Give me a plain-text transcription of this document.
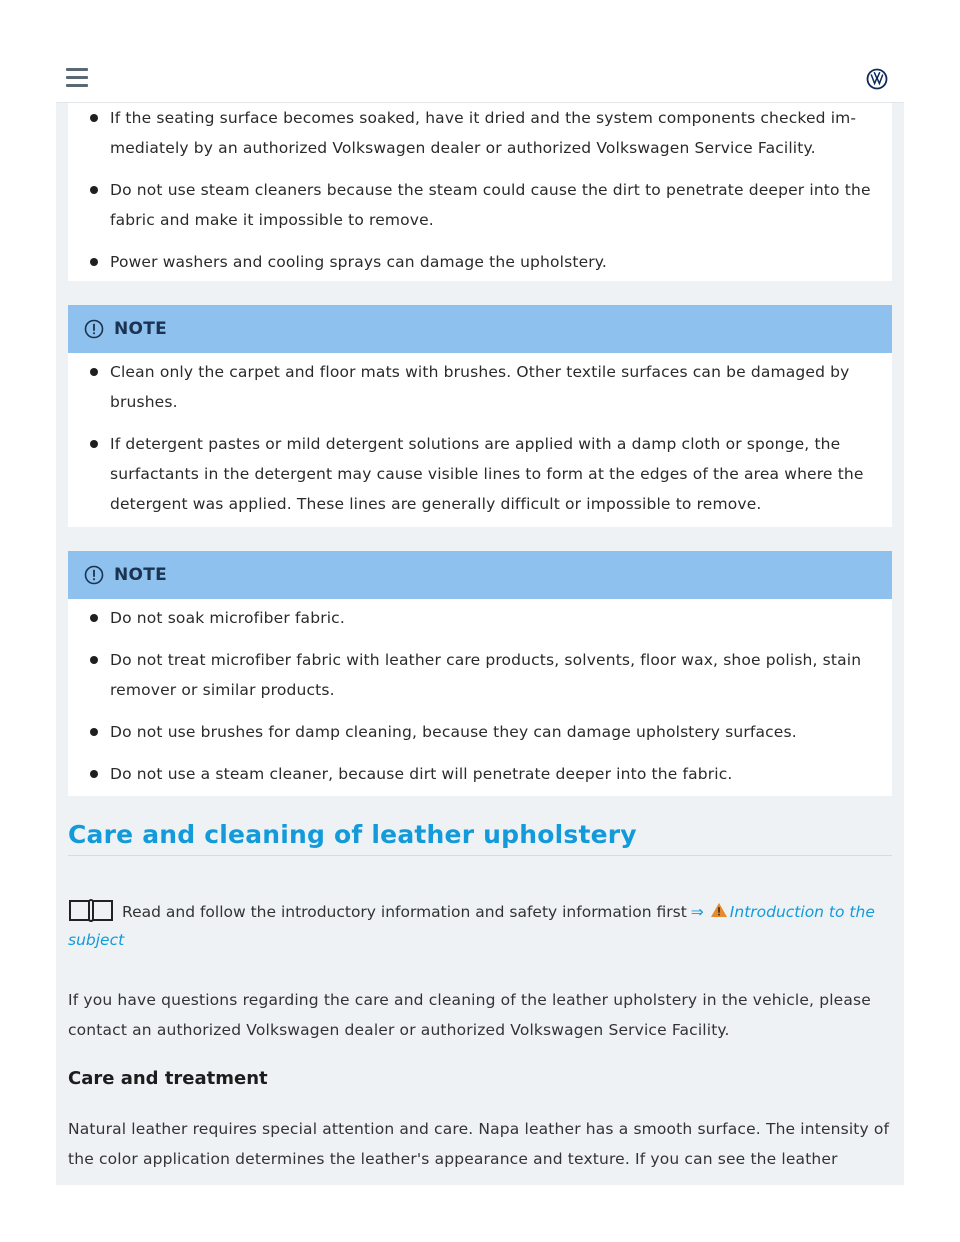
If the seating surface becomes soaked, have it dried and the system components checked im-mediately by an authorized Volkswagen dealer or authorized Volkswagen Service Facility.
Do not use steam cleaners because the steam could cause the dirt to penetrate deeper into the fabric and make it impossible to remove.
Power washers and cooling sprays can damage the upholstery.
NOTE
Clean only the carpet and floor mats with brushes. Other textile surfaces can be damaged by brushes.
If detergent pastes or mild detergent solutions are applied with a damp cloth or sponge, the surfactants in the detergent may cause visible lines to form at the edges of the area where the detergent was applied. These lines are generally difficult or impossible to remove.
NOTE
Do not soak microfiber fabric.
Do not treat microfiber fabric with leather care products, solvents, floor wax, shoe polish, stain remover or similar products.
Do not use brushes for damp cleaning, because they can damage upholstery surfaces.
Do not use a steam cleaner, because dirt will penetrate deeper into the fabric.
Care and cleaning of leather upholstery
Read and follow the introductory information and safety information first ⇒ Introduction to the subject
If you have questions regarding the care and cleaning of the leather upholstery in the vehicle, please contact an authorized Volkswagen dealer or authorized Volkswagen Service Facility.
Care and treatment
Natural leather requires special attention and care. Napa leather has a smooth surface. The intensity of the color application determines the leather's appearance and texture. If you can see the leather
